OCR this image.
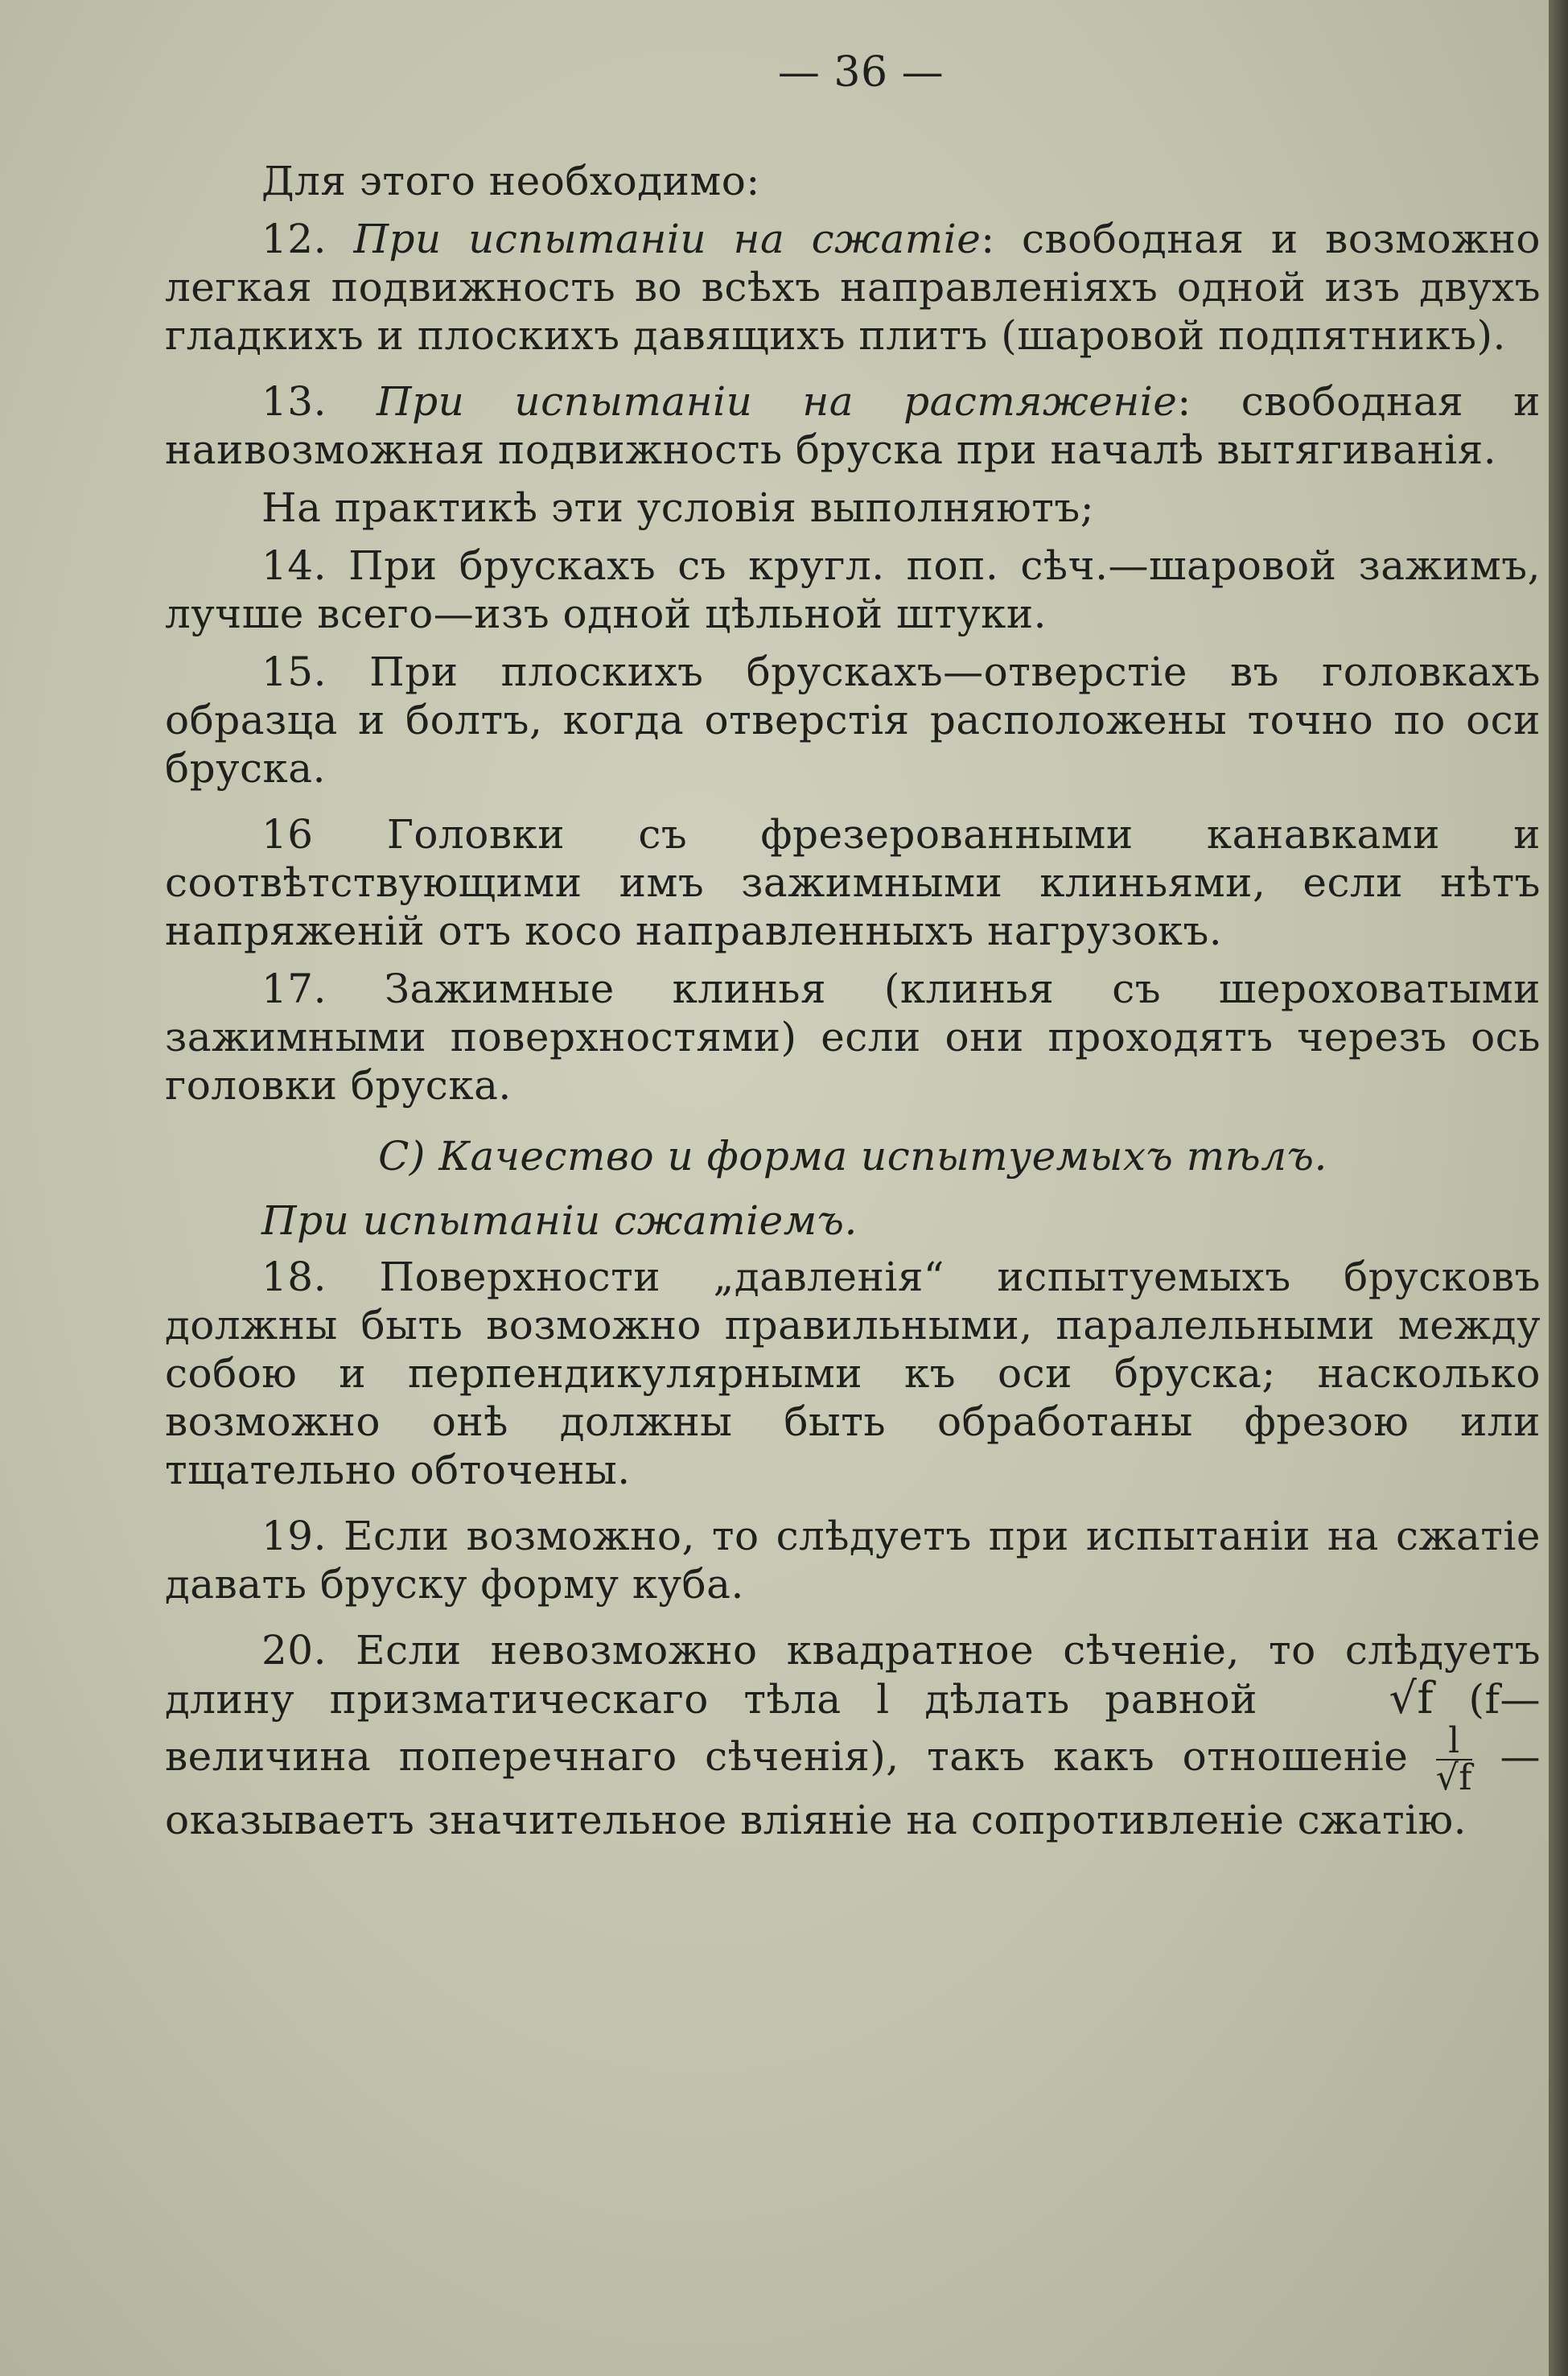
— 36 —

Для этого необходимо:

12. При испытанiи на сжатiе: свободная и возможно легкая подвижность во всѣхъ направленiяхъ одной изъ двухъ гладкихъ и плоскихъ давящихъ плитъ (шаровой подпятникъ).

13. При испытанiи на растяженiе: свободная и наивозможная подвижность бруска при началѣ вытягиванiя.

На практикѣ эти условiя выполняютъ;

14. При брускахъ съ кругл. поп. сѣч.—шаровой зажимъ, лучше всего—изъ одной цѣльной штуки.

15. При плоскихъ брускахъ—отверстiе въ головкахъ образца и болтъ, когда отверстiя расположены точно по оси бруска.

16 Головки съ фрезерованными канавками и соотвѣтствующими имъ зажимными клиньями, если нѣтъ напряженiй отъ косо направленныхъ нагрузокъ.

17. Зажимные клинья (клинья съ шероховатыми зажимными поверхностями) если они проходятъ черезъ ось головки бруска.

С) Качество и форма испытуемыхъ тѣлъ.

При испытанiи сжатiемъ.

18. Поверхности „давленiя“ испытуемыхъ брусковъ должны быть возможно правильными, паралельными между собою и перпендикулярными къ оси бруска; насколько возможно онѣ должны быть обработаны фрезою или тщательно обточены.

19. Если возможно, то слѣдуетъ при испытанiи на сжатiе давать бруску форму куба.

20. Если невозможно квадратное сѣченiе, то слѣдуетъ длину призматическаго тѣла l дѣлать равной √f (f—величина поперечнаго сѣченiя), такъ какъ отношенiе $\frac{l}{√f}$ — оказываетъ значительное влiянiе на сопротивленiе сжатiю.
